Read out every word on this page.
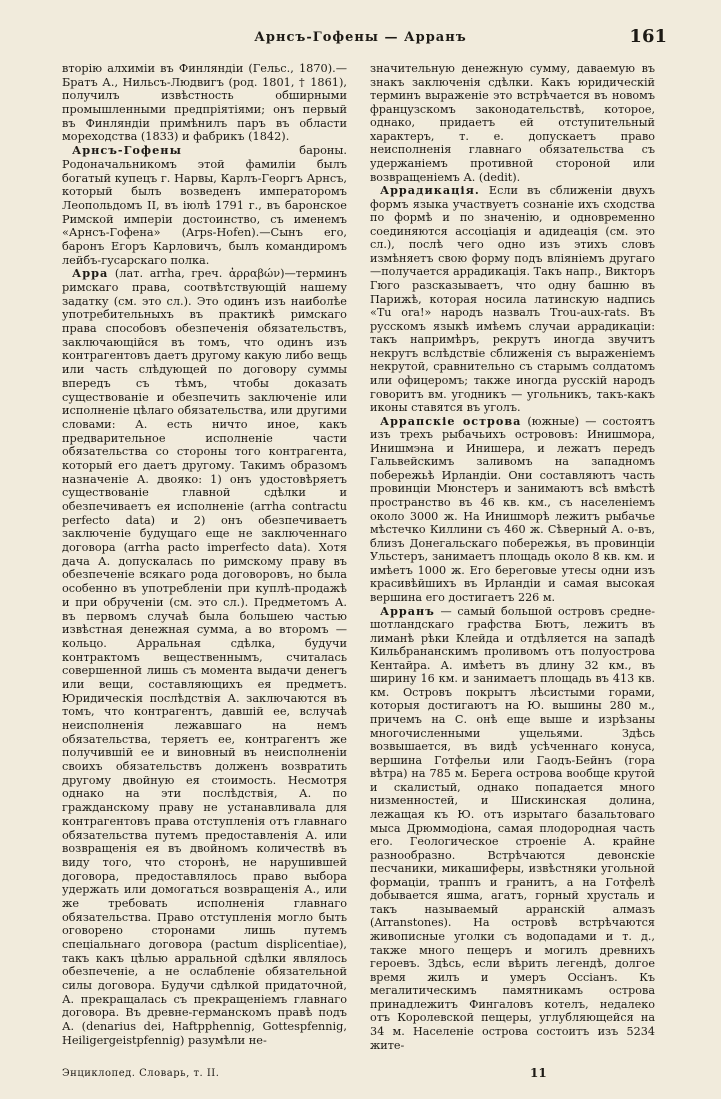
Арнсъ-Гофены — Арранъ	161

вторію алхиміи въ Финляндіи (Гельс., 1870).— Братъ А., Нильсъ-Людвигъ (род. 1801, † 1861), получилъ извѣстность обширными промышленными предпріятіями; онъ первый въ Финляндіи примѣнилъ паръ въ области мореходства (1833) и фабрикъ (1842).

Арнсъ-Гофены бароны. Родоначальникомъ этой фамиліи былъ богатый купецъ г. Нарвы, Карлъ-Георгъ Арнсъ, который былъ возведенъ императоромъ Леопольдомъ II, въ іюлѣ 1791 г., въ баронское Римской имперіи достоинство, съ именемъ «Арнсъ-Гофена» (Arps-Hofen).—Сынъ его, баронъ Егоръ Карловичъ, былъ командиромъ лейбъ-гусарскаго полка.

Арра (лат. arrha, греч. ἀρραβών)—терминъ римскаго права, соотвѣтствующій нашему задатку (см. это сл.). Это одинъ изъ наиболѣе употребительныхъ въ практикѣ римскаго права способовъ обезпеченія обязательствъ, заключающійся въ томъ, что одинъ изъ контрагентовъ даетъ другому какую либо вещь или часть слѣдующей по договору суммы впередъ съ тѣмъ, чтобы доказать существованіе и обезпечить заключеніе или исполненіе цѣлаго обязательства, или другими словами: А. есть ничто иное, какъ предварительное исполненіе части обязательства со стороны того контрагента, который его даетъ другому. Такимъ образомъ назначеніе А. двояко: 1) онъ удостовѣряетъ существованіе главной сдѣлки и обезпечиваетъ ея исполненіе (arrha contractu perfecto data) и 2) онъ обезпечиваетъ заключеніе будущаго еще не заключеннаго договора (arrha pacto imperfecto data). Хотя дача А. допускалась по римскому праву въ обезпеченіе всякаго рода договоровъ, но была особенно въ употребленіи при куплѣ-продажѣ и при обрученіи (см. это сл.). Предметомъ А. въ первомъ случаѣ была большею частью извѣстная денежная сумма, а во второмъ — кольцо. Арральная сдѣлка, будучи контрактомъ вещественнымъ, считалась совершенной лишь съ момента выдачи денегъ или вещи, составляющихъ ея предметъ. Юридическія послѣдствія А. заключаются въ томъ, что контрагентъ, давшій ее, вслучаѣ неисполненія лежавшаго на немъ обязательства, теряетъ ее, контрагентъ же получившій ее и виновный въ неисполненіи своихъ обязательствъ долженъ возвратить другому двойную ея стоимость. Несмотря однако на эти послѣдствія, А. по гражданскому праву не устанавливала для контрагентовъ права отступленія отъ главнаго обязательства путемъ предоставленія А. или возвращенія ея въ двойномъ количествѣ въ виду того, что сторонѣ, не нарушившей договора, предоставлялось право выбора удержать или домогаться возвращенія А., или же требовать исполненія главнаго обязательства. Право отступленія могло быть оговорено сторонами лишь путемъ спеціальнаго договора (pactum displicentiae), такъ какъ цѣлью арральной сдѣлки являлось обезпеченіе, а не ослабленіе обязательной силы договора. Будучи сдѣлкой придаточной, А. прекращалась съ прекращеніемъ главнаго договора. Въ древне-германскомъ правѣ подъ А. (denarius dei, Haftpphennig, Gottespfennig, Heiligergeistpfennig) разумѣли не-

значительную денежную сумму, даваемую въ знакъ заключенія сдѣлки. Какъ юридическій терминъ выраженіе это встрѣчается въ новомъ французскомъ законодательствѣ, которое, однако, придаетъ ей отступительный характеръ, т. е. допускаетъ право неисполненія главнаго обязательства съ удержаніемъ противной стороной или возвращеніемъ А. (dedit).

Аррадикація. Если въ сближеніи двухъ формъ языка участвуетъ сознаніе ихъ сходства по формѣ и по значенію, и одновременно соединяются ассоціація и адидеація (см. это сл.), послѣ чего одно изъ этихъ словъ измѣняетъ свою форму подъ вліяніемъ другаго—получается аррадикація. Такъ напр., Викторъ Гюго разсказываетъ, что одну башню въ Парижѣ, которая носила латинскую надпись «Tu ora!» народъ назвалъ Trou-aux-rats. Въ русскомъ языкѣ имѣемъ случаи аррадикаціи: такъ напримѣръ, рекрутъ иногда звучитъ некрутъ вслѣдствіе сближенія съ выраженіемъ некрутой, сравнительно съ старымъ солдатомъ или офицеромъ; также иногда русскій народъ говоритъ вм. угодникъ — угольникъ, такъ-какъ иконы ставятся въ уголъ.

Аррапскіе острова (южные) — состоятъ изъ трехъ рыбачьихъ острововъ: Инишмора, Инишмэна и Инишера, и лежатъ передъ Гальвейскимъ заливомъ на западномъ побережьѣ Ирландіи. Они составляютъ часть провинціи Мюнстеръ и занимаютъ всѣ вмѣстѣ пространство въ 46 кв. км., съ населеніемъ около 3000 ж. На Инишморѣ лежитъ рыбачье мѣстечко Киллини съ 460 ж. Сѣверный А. о-въ, близъ Донегальскаго побережья, въ провинціи Ульстеръ, занимаетъ площадь около 8 кв. км. и имѣетъ 1000 ж. Его береговые утесы одни изъ красивѣйшихъ въ Ирландіи и самая высокая вершина его достигаетъ 226 м.

Арранъ — самый большой островъ средне-шотландскаго графства Бютъ, лежитъ въ лиманѣ рѣки Клейда и отдѣляется на западѣ Кильбрананскимъ проливомъ отъ полуострова Кентайра. А. имѣетъ въ длину 32 км., въ ширину 16 км. и занимаетъ площадь въ 413 кв. км. Островъ покрытъ лѣсистыми горами, которыя достигаютъ на Ю. вышины 280 м., причемъ на С. онѣ еще выше и изрѣзаны многочисленными ущельями. Здѣсь возвышается, въ видѣ усѣченнаго конуса, вершина Готфельи или Гаодъ-Бейнъ (гора вѣтра) на 785 м. Берега острова вообще крутой и скалистый, однако попадается много низменностей, и Шискинская долина, лежащая къ Ю. отъ изрытаго базальтоваго мыса Дрюммодіона, самая плодородная часть его. Геологическое строеніе А. крайне разнообразно. Встрѣчаются девонскіе песчаники, микашиферы, извѣстняки угольной формаціи, траппъ и гранитъ, а на Готфелѣ добывается яшма, агатъ, горный хрусталь и такъ называемый арранскій алмазъ (Arranstones). На островѣ встрѣчаются живописные уголки съ водопадами и т. д., также много пещеръ и могилъ древнихъ героевъ. Здѣсь, если вѣрить легендѣ, долгое время жилъ и умеръ Оссіанъ. Къ мегалитическимъ памятникамъ острова принадлежитъ Фингаловъ котелъ, недалеко отъ Королевской пещеры, углубляющейся на 34 м. Населеніе острова состоитъ изъ 5234 жите-

Энциклопед. Словарь, т. II.	11
